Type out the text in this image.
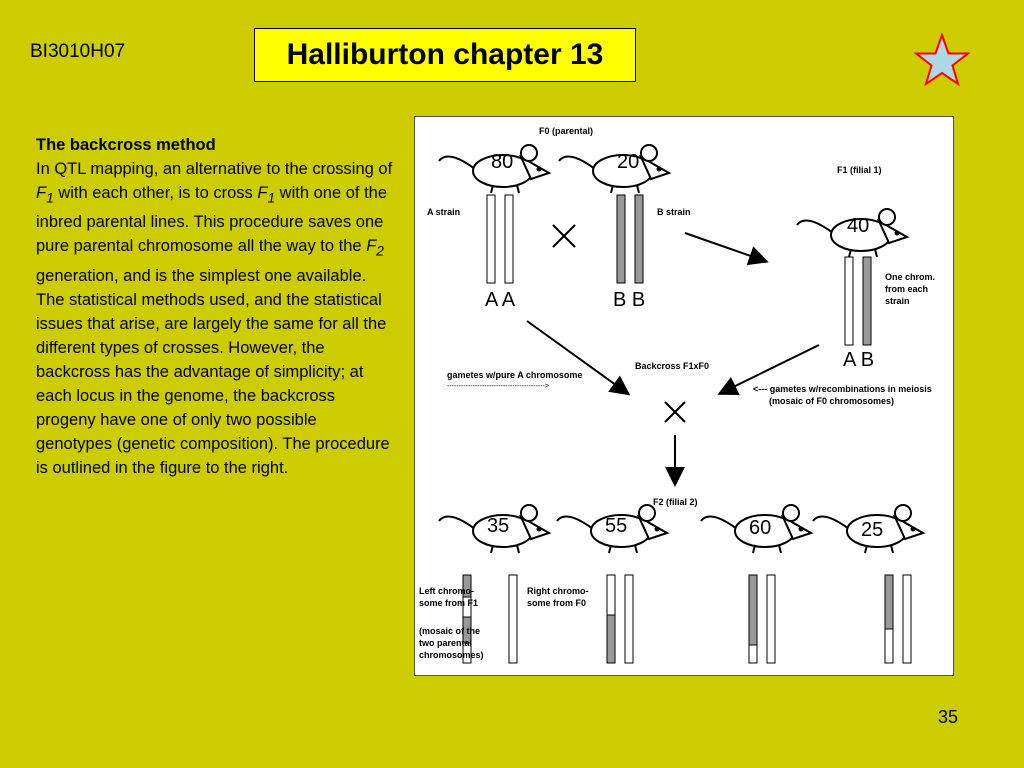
BI3010H07	Halliburton chapter 13
The backcross method
In QTL mapping, an alternative to the crossing of $F_1$ with each other, is to cross $F_1$ with one of the inbred parental lines. This procedure saves one pure parental chromosome all the way to the $F_2$ generation, and is the simplest one available. The statistical methods used, and the statistical issues that arise, are largely the same for all the different types of crosses. However, the backcross has the advantage of simplicity; at each locus in the genome, the backcross progeny have one of only two possible genotypes (genetic composition). The procedure is outlined in the figure to the right.
F0 (parental)
F1 (filial 1)
F2 (filial 2)
A strain	B strain
80	20
40
35	55	60	25
A A	B B
A B
One chrom.
from each
strain
Backcross F1xF0
gametes w/pure A chromosome
------------------------------------------>	<--- gametes w/recombinations in meiosis
(mosaic of F0 chromosomes)
Left chromo-
some from F1
Right chromo-
some from F0
(mosaic of the
two parental
chromosomes)
35
